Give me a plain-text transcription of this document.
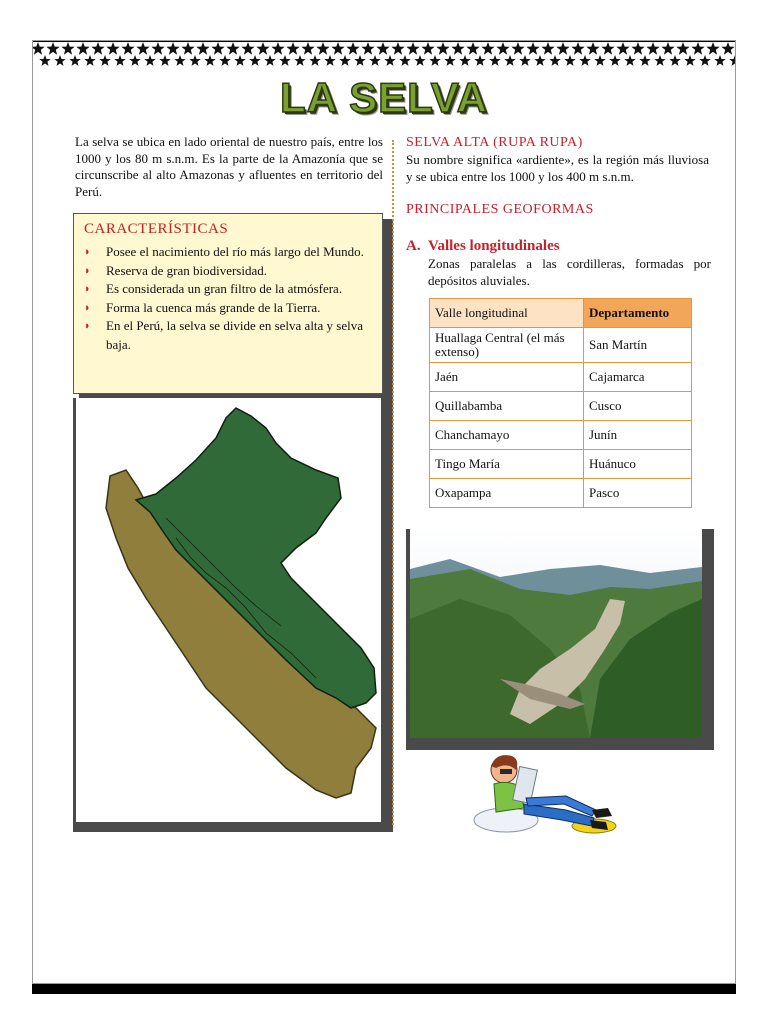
LA SELVA
La selva se ubica en lado oriental de nuestro país, entre los 1000 y los 80 m s.n.m. Es la parte de la Amazonía que se circunscribe al alto Amazonas y afluentes en territorio del Perú.
CARACTERÍSTICAS
◗ Posee el nacimiento del río más largo del Mundo.
◗ Reserva de gran biodiversidad.
◗ Es considerada un gran filtro de la atmósfera.
◗ Forma la cuenca más grande de la Tierra.
◗ En el Perú, la selva se divide en selva alta y selva baja.
SELVA ALTA (RUPA RUPA)
Su nombre significa «ardiente», es la región más lluviosa y se ubica entre los 1000 y los 400 m s.n.m.
PRINCIPALES GEOFORMAS
A. Valles longitudinales
Zonas paralelas a las cordilleras, formadas por depósitos aluviales.
Valle longitudinal	Departamento
Huallaga Central (el más extenso)	San Martín
Jaén	Cajamarca
Quillabamba	Cusco
Chanchamayo	Junín
Tingo María	Huánuco
Oxapampa	Pasco
